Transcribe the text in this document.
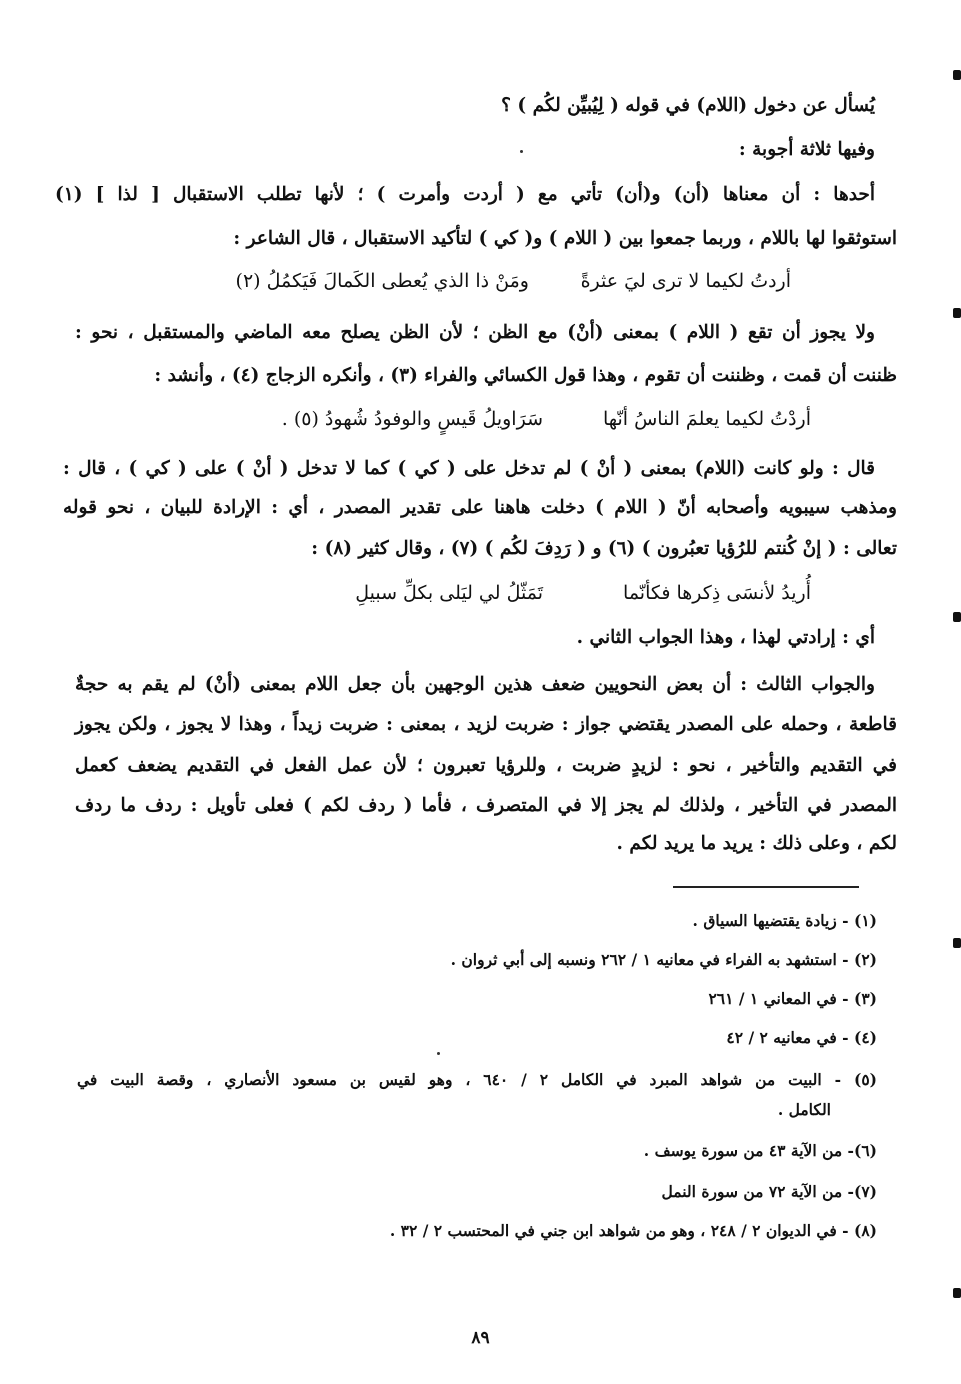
يُسأل عن دخول (اللام) في قوله ( لِيُبيِّن لكُم ) ؟
وفيها ثلاثة أجوبة :
أحدها : أن معناها (أن) و(أن) تأتي مع ( أردت وأمرت ) ؛ لأنها تطلب الاستقبال [ لذا ] (١)
استوثقوا لها باللام ، وربما جمعوا بين ( اللام ) و( كي ) لتأكيد الاستقبال ، قال الشاعر :
أردتُ لكيما لا ترى ليَ عثرةً
ومَنْ ذا الذي يُعطى الكَمالَ فَيَكمُلُ (٢)
ولا يجوز أن تقع ( اللام ) بمعنى (أنْ) مع الظن ؛ لأن الظن يصلح معه الماضي والمستقبل ، نحو :
ظننت أن قمت ، وظننت أن تقوم ، وهذا قول الكسائي والفراء (٣) ، وأنكره الزجاج (٤) ، وأنشد :
أردْتُ لكيما يعلمَ الناسُ أنّها
سَرَاويلُ قَيسٍ والوفودُ شُهودُ (٥) .
قال : ولو كانت (اللام) بمعنى ( أنْ ) لم تدخل على ( كي ) كما لا تدخل ( أنْ ) على ( كي ) ، قال :
ومذهب سيبويه وأصحابه أنّ ( اللام ) دخلت هاهنا على تقدير المصدر ، أي : الإرادة للبيان ، نحو قوله
تعالى : ( إنْ كُنتم للرُؤيا تعبُرون ) (٦) و ( رَدِفَ لكُم ) (٧) ، وقال كثير (٨) :
أُريدُ لأنسَى ذِكرها فكأنّما
تَمَثّلُ لي ليَلى بكلِّ سبيلِ
أي : إرادتي لهذا ، وهذا الجواب الثاني .
والجواب الثالث : أن بعض النحويين ضعف هذين الوجهين بأن جعل اللام بمعنى (أنْ) لم يقم به حجةٌ
قاطعة ، وحمله على المصدر يقتضي جواز : ضربت لزيد ، بمعنى : ضربت زيداً ، وهذا لا يجوز ، ولكن يجوز
في التقديم والتأخير ، نحو : لزيدٍ ضربت ، وللرؤيا تعبرون ؛ لأن عمل الفعل في التقديم يضعف كعمل
المصدر في التأخير ، ولذلك لم يجز إلا في المتصرف ، فأما ( ردف لكم ) فعلى تأويل : ردف ما ردف
لكم ، وعلى ذلك : يريد ما يريد لكم .
(١) - زيادة يقتضيها السياق .
(٢) - استشهد به الفراء في معانيه ١ / ٢٦٢ ونسبه إلى أبي ثروان .
(٣) - في المعاني ١ / ٢٦١
(٤) - في معانيه ٢ / ٤٢
(٥) - البيت من شواهد المبرد في الكامل ٢ / ٦٤٠ ، وهو لقيس بن مسعود الأنصاري ، وقصة البيت في
الكامل .
(٦)- من الآية ٤٣ من سورة يوسف .
(٧)- من الآية ٧٢ من سورة النمل
(٨) - في الديوان ٢ / ٢٤٨ ، وهو من شواهد ابن جني في المحتسب ٢ / ٣٢ .
٨٩
